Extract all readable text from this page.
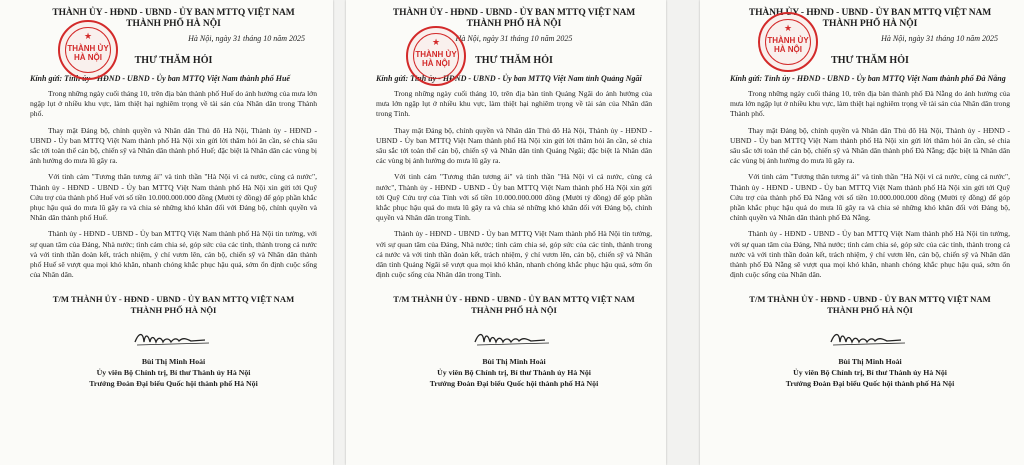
THÀNH ỦY - HĐND - UBND - ỦY BAN MTTQ VIỆT NAM
THÀNH PHỐ HÀ NỘI
★
THÀNH ỦY
HÀ NỘI
Hà Nội, ngày 31 tháng 10 năm 2025
THƯ THĂM HỎI
Kính gửi: Tỉnh ủy - HĐND - UBND - Ủy ban MTTQ Việt Nam thành phố Huế
Trong những ngày cuối tháng 10, trên địa bàn thành phố Huế do ảnh hưởng của mưa lớn ngập lụt ở nhiều khu vực, làm thiệt hại nghiêm trọng về tài sản của Nhân dân trong Thành phố.
Thay mặt Đảng bộ, chính quyền và Nhân dân Thủ đô Hà Nội, Thành ủy - HĐND - UBND - Ủy ban MTTQ Việt Nam thành phố Hà Nội xin gửi lời thăm hỏi ân cần, sẻ chia sâu sắc tới toàn thể cán bộ, chiến sỹ và Nhân dân thành phố Huế; đặc biệt là Nhân dân các vùng bị ảnh hưởng do mưa lũ gây ra.
Với tinh cảm "Tương thân tương ái" và tinh thần "Hà Nội vì cả nước, cùng cả nước", Thành ủy - HĐND - UBND - Ủy ban MTTQ Việt Nam thành phố Hà Nội xin gửi tới Quỹ Cứu trợ của thành phố Huế với số tiền 10.000.000.000 đồng (Mười tỷ đồng) để góp phần khắc phục hậu quả do mưa lũ gây ra và chia sẻ những khó khăn đối với Đảng bộ, chính quyền và Nhân dân thành phố Huế.
Thành ủy - HĐND - UBND - Ủy ban MTTQ Việt Nam thành phố Hà Nội tin tưởng, với sự quan tâm của Đảng, Nhà nước; tình cảm chia sẻ, góp sức của các tỉnh, thành trong cả nước và với tinh thần đoàn kết, trách nhiệm, ý chí vươn lên, cán bộ, chiến sỹ và Nhân dân thành phố Huế sẽ vượt qua mọi khó khăn, nhanh chóng khắc phục hậu quả, sớm ổn định cuộc sống của Nhân dân.
T/M THÀNH ỦY - HĐND - UBND - ỦY BAN MTTQ VIỆT NAM
THÀNH PHỐ HÀ NỘI
Bùi Thị Minh Hoài
Ủy viên Bộ Chính trị, Bí thư Thành ủy Hà Nội
Trưởng Đoàn Đại biểu Quốc hội thành phố Hà Nội
THÀNH ỦY - HĐND - UBND - ỦY BAN MTTQ VIỆT NAM
THÀNH PHỐ HÀ NỘI
★
THÀNH ỦY
HÀ NỘI
Hà Nội, ngày 31 tháng 10 năm 2025
THƯ THĂM HỎI
Kính gửi: Tỉnh ủy - HĐND - UBND - Ủy ban MTTQ Việt Nam tỉnh Quảng Ngãi
Trong những ngày cuối tháng 10, trên địa bàn tỉnh Quảng Ngãi do ảnh hưởng của mưa lớn ngập lụt ở nhiều khu vực, làm thiệt hại nghiêm trọng về tài sản của Nhân dân trong Tỉnh.
Thay mặt Đảng bộ, chính quyền và Nhân dân Thủ đô Hà Nội, Thành ủy - HĐND - UBND - Ủy ban MTTQ Việt Nam thành phố Hà Nội xin gửi lời thăm hỏi ân cần, sẻ chia sâu sắc tới toàn thể cán bộ, chiến sỹ và Nhân dân tỉnh Quảng Ngãi; đặc biệt là Nhân dân các vùng bị ảnh hưởng do mưa lũ gây ra.
Với tinh cảm "Tương thân tương ái" và tinh thần "Hà Nội vì cả nước, cùng cả nước", Thành ủy - HĐND - UBND - Ủy ban MTTQ Việt Nam thành phố Hà Nội xin gửi tới Quỹ Cứu trợ của Tỉnh với số tiền 10.000.000.000 đồng (Mười tỷ đồng) để góp phần khắc phục hậu quả do mưa lũ gây ra và chia sẻ những khó khăn đối với Đảng bộ, chính quyền và Nhân dân trong Tỉnh.
Thành ủy - HĐND - UBND - Ủy ban MTTQ Việt Nam thành phố Hà Nội tin tưởng, với sự quan tâm của Đảng, Nhà nước; tình cảm chia sẻ, góp sức của các tỉnh, thành trong cả nước và với tinh thần đoàn kết, trách nhiệm, ý chí vươn lên, cán bộ, chiến sỹ và Nhân dân tỉnh Quảng Ngãi sẽ vượt qua mọi khó khăn, nhanh chóng khắc phục hậu quả, sớm ổn định cuộc sống của Nhân dân trong Tỉnh.
T/M THÀNH ỦY - HĐND - UBND - ỦY BAN MTTQ VIỆT NAM
THÀNH PHỐ HÀ NỘI
Bùi Thị Minh Hoài
Ủy viên Bộ Chính trị, Bí thư Thành ủy Hà Nội
Trưởng Đoàn Đại biểu Quốc hội thành phố Hà Nội
THÀNH ỦY - HĐND - UBND - ỦY BAN MTTQ VIỆT NAM
THÀNH PHỐ HÀ NỘI
★
THÀNH ỦY
HÀ NỘI
Hà Nội, ngày 31 tháng 10 năm 2025
THƯ THĂM HỎI
Kính gửi: Tỉnh ủy - HĐND - UBND - Ủy ban MTTQ Việt Nam thành phố Đà Nẵng
Trong những ngày cuối tháng 10, trên địa bàn thành phố Đà Nẵng do ảnh hưởng của mưa lớn ngập lụt ở nhiều khu vực, làm thiệt hại nghiêm trọng về tài sản của Nhân dân trong Thành phố.
Thay mặt Đảng bộ, chính quyền và Nhân dân Thủ đô Hà Nội, Thành ủy - HĐND - UBND - Ủy ban MTTQ Việt Nam thành phố Hà Nội xin gửi lời thăm hỏi ân cần, sẻ chia sâu sắc tới toàn thể cán bộ, chiến sỹ và Nhân dân thành phố Đà Nẵng; đặc biệt là Nhân dân các vùng bị ảnh hưởng do mưa lũ gây ra.
Với tinh cảm "Tương thân tương ái" và tinh thần "Hà Nội vì cả nước, cùng cả nước", Thành ủy - HĐND - UBND - Ủy ban MTTQ Việt Nam thành phố Hà Nội xin gửi tới Quỹ Cứu trợ của thành phố Đà Nẵng với số tiền 10.000.000.000 đồng (Mười tỷ đồng) để góp phần khắc phục hậu quả do mưa lũ gây ra và chia sẻ những khó khăn đối với Đảng bộ, chính quyền và Nhân dân thành phố Đà Nẵng.
Thành ủy - HĐND - UBND - Ủy ban MTTQ Việt Nam thành phố Hà Nội tin tưởng, với sự quan tâm của Đảng, Nhà nước; tình cảm chia sẻ, góp sức của các tỉnh, thành trong cả nước và với tinh thần đoàn kết, trách nhiệm, ý chí vươn lên, cán bộ, chiến sỹ và Nhân dân thành phố Đà Nẵng sẽ vượt qua mọi khó khăn, nhanh chóng khắc phục hậu quả, sớm ổn định cuộc sống của Nhân dân.
T/M THÀNH ỦY - HĐND - UBND - ỦY BAN MTTQ VIỆT NAM
THÀNH PHỐ HÀ NỘI
Bùi Thị Minh Hoài
Ủy viên Bộ Chính trị, Bí thư Thành ủy Hà Nội
Trưởng Đoàn Đại biểu Quốc hội thành phố Hà Nội
